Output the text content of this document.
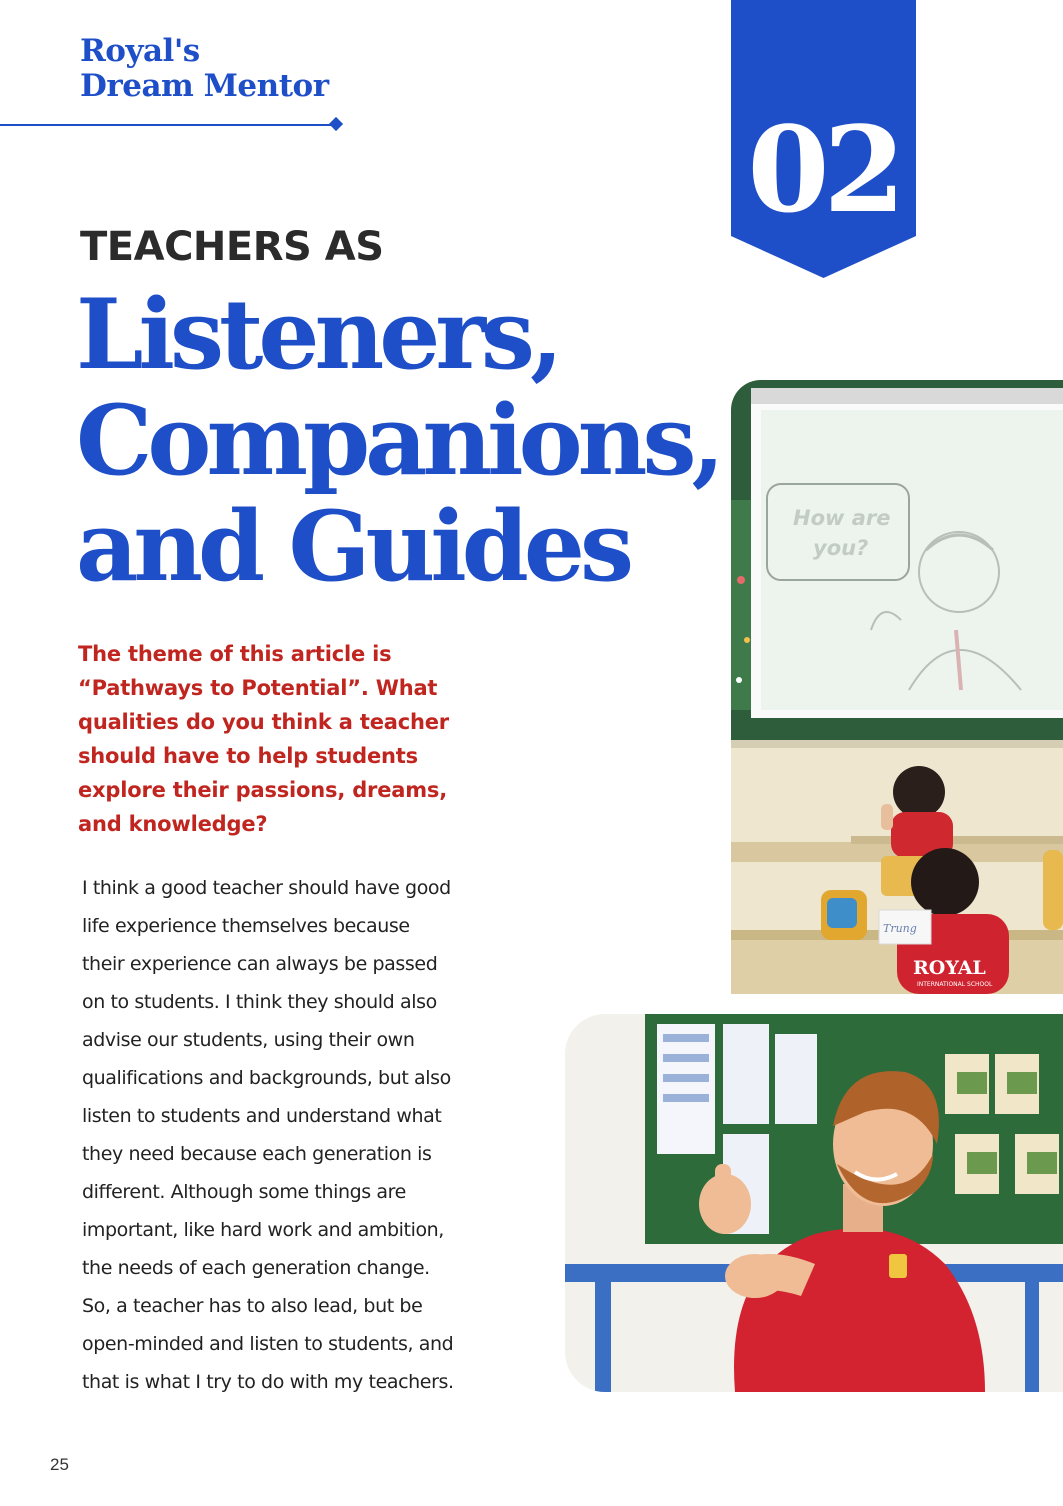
Royal's
Dream Mentor
02
TEACHERS AS
Listeners,
Companions,
and Guides
The theme of this article is
“Pathways to Potential”. What
qualities do you think a teacher
should have to help students
explore their passions, dreams,
and knowledge?
I think a good teacher should have good
life experience themselves because
their experience can always be passed
on to students. I think they should also
advise our students, using their own
qualifications and backgrounds, but also
listen to students and understand what
they need because each generation is
different. Although some things are
important, like hard work and ambition,
the needs of each generation change.
So, a teacher has to also lead, but be
open-minded and listen to students, and
that is what I try to do with my teachers.
How are
you?
ROYAL
INTERNATIONAL SCHOOL
Trung
25
